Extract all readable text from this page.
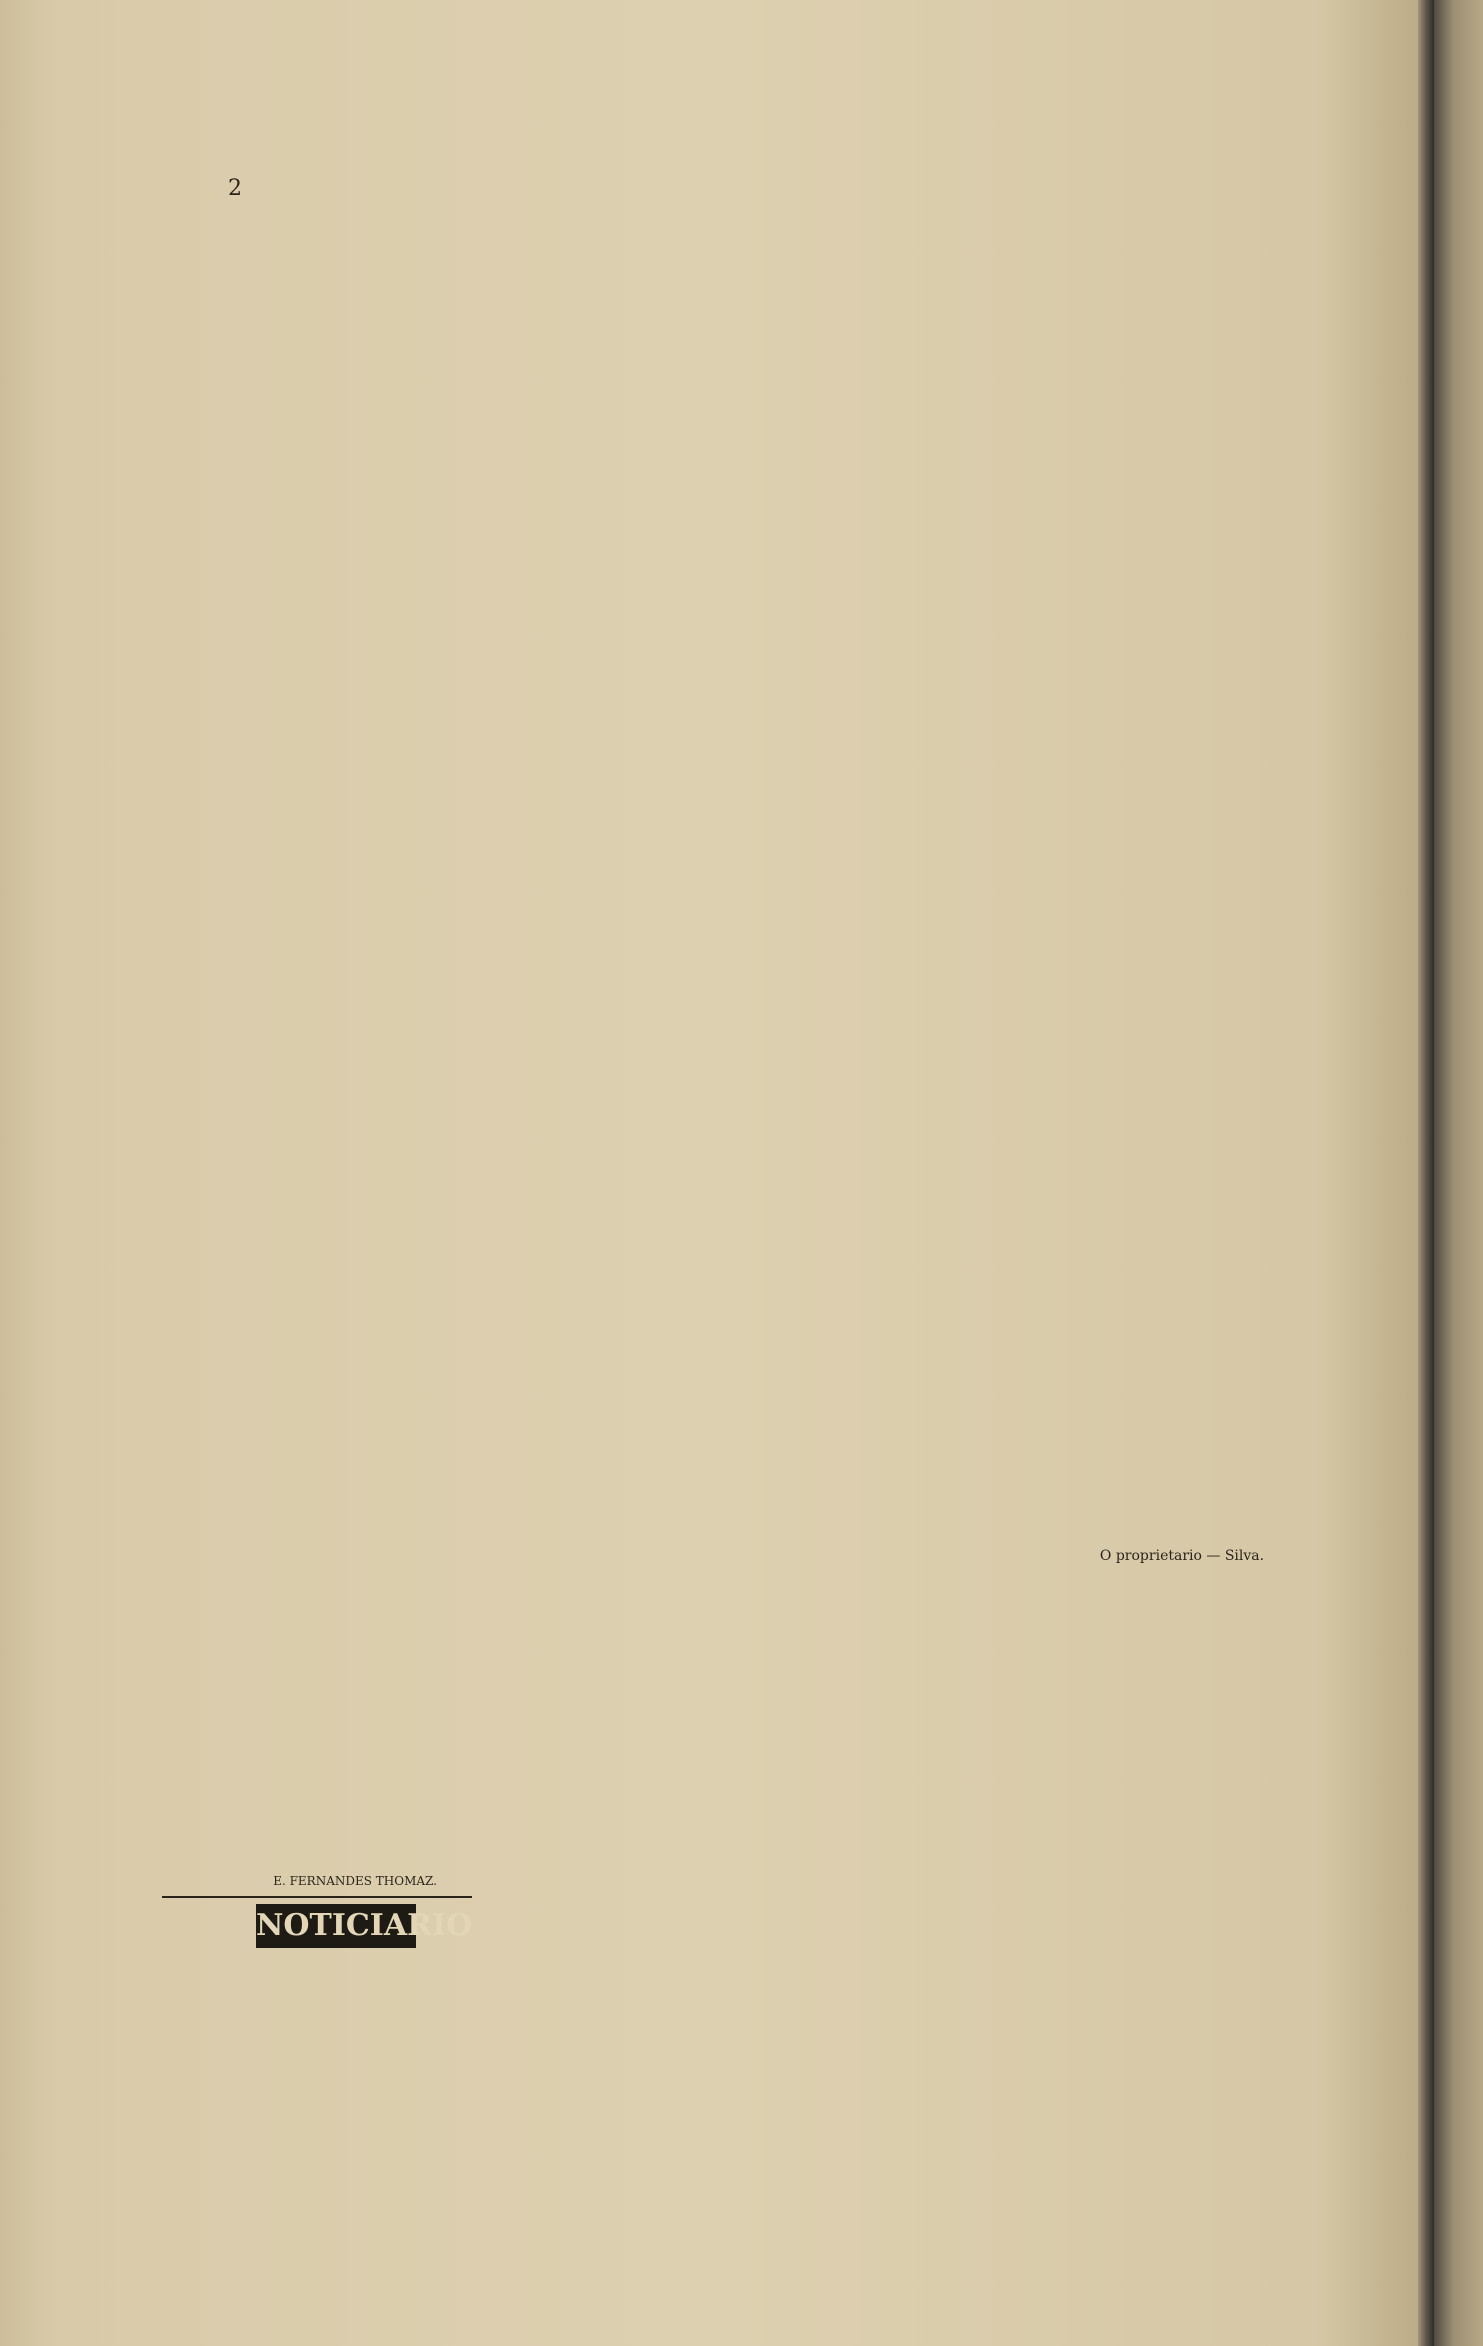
2

E. FERNANDES THOMAZ.
NOTICIARIO
O proprietario — Silva.
